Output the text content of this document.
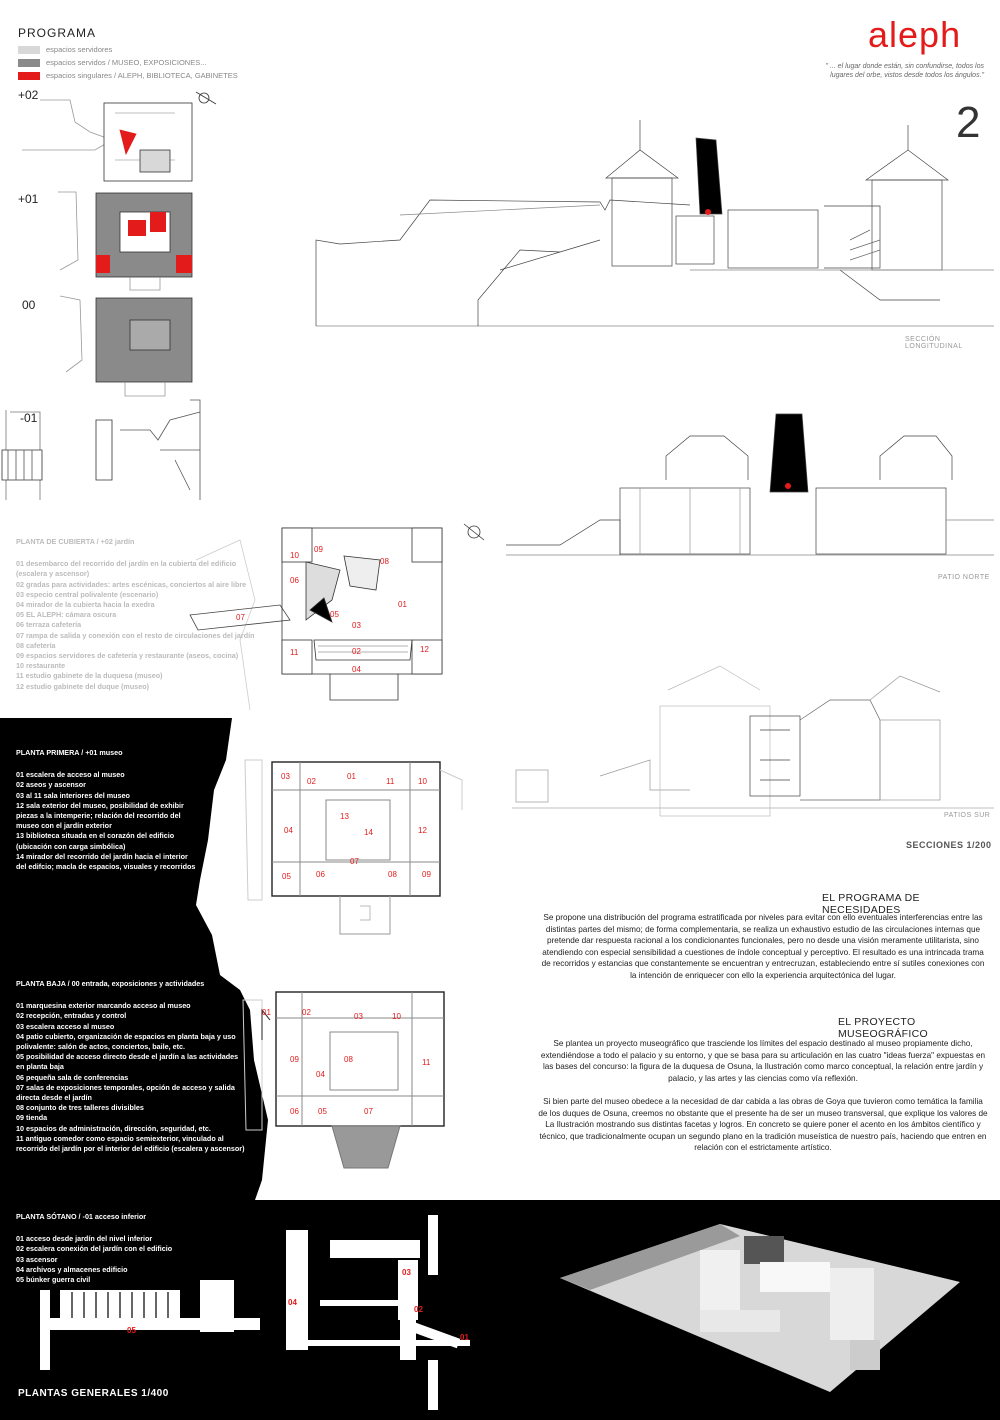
PROGRAMA
espacios servidores
espacios servidos / MUSEO, EXPOSICIONES...
espacios singulares / ALEPH, BIBLIOTECA, GABINETES
+02
+01
00
-01
aleph
" ... el lugar donde están, sin confundirse, todos los lugares del orbe, vistos desde todos los ángulos."
2
SECCIÓN LONGITUDINAL
PATIO NORTE
PATIOS SUR
SECCIONES 1/200
PLANTA DE CUBIERTA / +02 jardín
01 desembarco del recorrido del jardín en la cubierta del edificio (escalera y ascensor)
02 gradas para actividades: artes escénicas, conciertos al aire libre
03 especio central polivalente (escenario)
04 mirador de la cubierta hacia la exedra
05 EL ALEPH: cámara oscura
06 terraza cafetería
07 rampa de salida y conexión con el resto de circulaciones del jardín
08 cafetería
09 espacios servidores de cafetería y restaurante (aseos, cocina)
10 restaurante
11 estudio gabinete de la duquesa (museo)
12 estudio gabinete del duque (museo)
PLANTA PRIMERA / +01 museo
01 escalera de acceso al museo
02 aseos y ascensor
03 al 11 sala interiores del museo
12 sala exterior del museo, posibilidad de exhibir piezas a la intemperie; relación del recorrido del museo con el jardín exterior
13 biblioteca situada en el corazón del edificio (ubicación con carga simbólica)
14 mirador del recorrido del jardín hacia el interior del edifcio; macla de espacios, visuales y recorridos
PLANTA BAJA / 00 entrada, exposiciones y actividades
01 marquesina exterior marcando acceso al museo
02 recepción, entradas y control
03 escalera acceso al museo
04 patio cubierto, organización de espacios en planta baja y uso polivalente: salón de actos, conciertos, baile, etc.
05 posibilidad de acceso directo desde el jardín a las actividades en planta baja
06 pequeña sala de conferencias
07 salas de exposiciones temporales, opción de acceso y salida directa desde el jardín
08 conjunto de tres talleres divisibles
09 tienda
10 espacios de administración, dirección, seguridad, etc.
11 antiguo comedor como espacio semiexterior, vinculado al recorrido del jardín por el interior del edificio (escalera y ascensor)
PLANTA SÓTANO / -01 acceso inferior
01 acceso desde jardín del nivel inferior
02 escalera conexión del jardín con el edificio
03 ascensor
04 archivos y almacenes edificio
05 búnker guerra civil
PLANTAS GENERALES 1/400
09
10
08
06
05
01
07
03
11	02	12
04
03
02
01
11	10
13
04	14	12
07
05	06	08	09
01	02	03	10
09	08
04
11
06 05	07
03
04
02
05
01
EL PROGRAMA DE NECESIDADES
Se propone una distribución del programa estratificada por niveles para evitar con ello eventuales interferencias entre las distintas partes del mismo; de forma complementaria, se realiza un exhaustivo estudio de las circulaciones internas que pretende dar respuesta racional a los condicionantes funcionales, pero no desde una visión meramente utilitarista, sino atendiendo con especial sensibilidad a cuestiones de índole conceptual y perceptivo. El resultado es una intrincada trama de recorridos y estancias que constantemente se encuentran y entrecruzan, estableciendo entre sí sutiles conexiones con la intención de enriquecer con ello la experiencia arquitectónica del lugar.
EL PROYECTO MUSEOGRÁFICO
Se plantea un proyecto museográfico que trasciende los límites del espacio destinado al museo propiamente dicho, extendiéndose a todo el palacio y su entorno, y que se basa para su articulación en las cuatro "ideas fuerza" expuestas en las bases del concurso: la figura de la duquesa de Osuna, la Ilustración como marco conceptual, la relación entre jardín y palacio, y las artes y las ciencias como vía reflexión.
Si bien parte del museo obedece a la necesidad de dar cabida a las obras de Goya que tuvieron como temática la familia de los duques de Osuna, creemos no obstante que el presente ha de ser un museo transversal, que explique los valores de La Ilustración mostrando sus distintas facetas y logros. En concreto se quiere poner el acento en los ámbitos científico y técnico, que tradicionalmente ocupan un segundo plano en la tradición museística de nuestro país, haciendo que entren en relación con el estrictamente artístico.
